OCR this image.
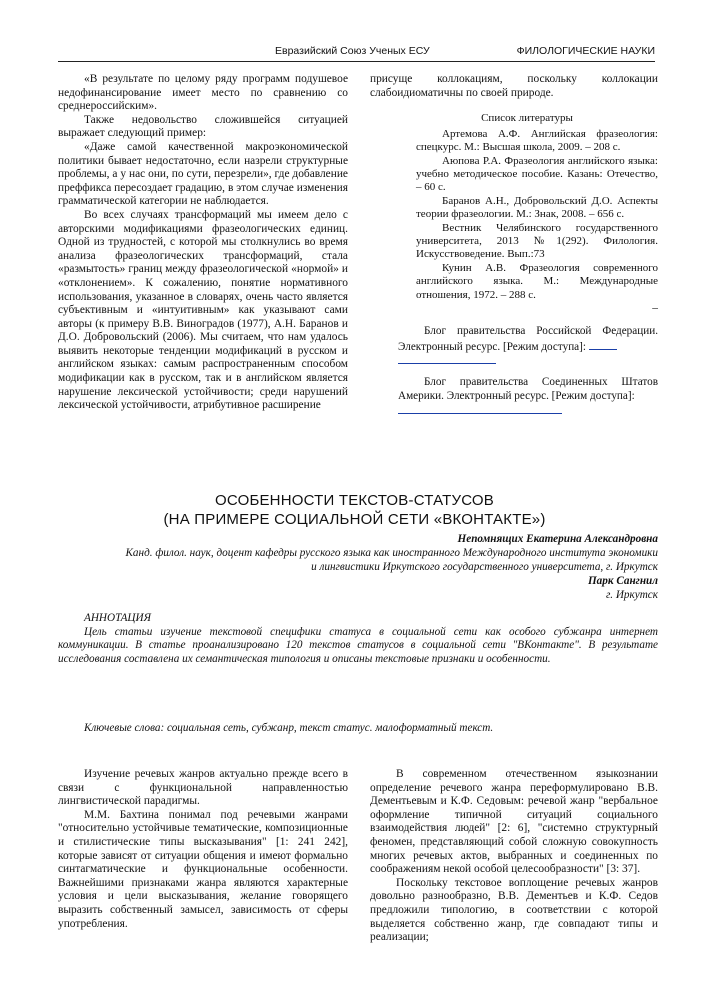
Евразийский Союз Ученых ЕСУ	ФИЛОЛОГИЧЕСКИЕ НАУКИ

«В результате по целому ряду программ подушевое недофинансирование имеет место по сравнению со среднероссийским».

Также недовольство сложившейся ситуацией выражает следующий пример:

«Даже самой качественной макроэкономической политики бывает недостаточно, если назрели структурные проблемы, а у нас они, по сути, перезрели», где добавление преффикса пересоздает градацию, в этом случае изменения грамматической категории не наблюдается.

Во всех случаях трансформаций мы имеем дело с авторскими модификациями фразеологических единиц. Одной из трудностей, с которой мы столкнулись во время анализа фразеологических трансформаций, стала «размытость» границ между фразеологической «нормой» и «отклонением». К сожалению, понятие нормативного использования, указанное в словарях, очень часто является субъективным и «интуитивным» как указывают сами авторы (к примеру В.В. Виноградов (1977), А.Н. Баранов и Д.О. Добровольский (2006). Мы считаем, что нам удалось выявить некоторые тенденции модификаций в русском и английском языках: самым распространенным способом модификации как в русском, так и в английском является нарушение лексической устойчивости; среди нарушений лексической устойчивости, атрибутивное расширение

присуще коллокациям, поскольку коллокации слабоидиоматичны по своей природе.

Список литературы

Артемова А.Ф. Английская фразеология: спецкурс. М.: Высшая школа, 2009. – 208 с.

Аюпова Р.А. Фразеология английского языка: учебно методическое пособие. Казань: Отечество, – 60 с.

Баранов А.Н., Добровольский Д.О. Аспекты теории фразеологии. М.: Знак, 2008. – 656 с.

Вестник Челябинского государственного университета, 2013 №1(292). Филология. Искусствоведение. Вып.:73

Кунин А.В. Фразеология современного английского языка. М.: Международные отношения, 1972. – 288 с.

–

Блог правительства Российской Федерации. Электронный ресурс. [Режим доступа]:

Блог правительства Соединенных Штатов Америки. Электронный ресурс. [Режим доступа]:

ОСОБЕННОСТИ ТЕКСТОВ-СТАТУСОВ
(НА ПРИМЕРЕ СОЦИАЛЬНОЙ СЕТИ «ВКОНТАКТЕ»)
Непомнящих Екатерина Александровна
Канд. филол. наук, доцент кафедры русского языка как иностранного Международного института экономики
и лингвистики Иркутского государственного университета, г. Иркутск
Парк Сангнил
г. Иркутск
АННОТАЦИЯ
Цель статьи изучение текстовой специфики статуса в социальной сети как особого субжанра интернет коммуникации. В статье проанализировано 120 текстов статусов в социальной сети "ВКонтакте". В результате исследования составлена их семантическая типология и описаны текстовые признаки и особенности.
Ключевые слова: социальная сеть, субжанр, текст статус. малоформатный текст.

Изучение речевых жанров актуально прежде всего в связи с функциональной направленностью лингвистической парадигмы.

М.М. Бахтина понимал под речевыми жанрами "относительно устойчивые тематические, композиционные и стилистические типы высказывания" [1: 241 242], которые зависят от ситуации общения и имеют формально синтагматические и функциональные особенности. Важнейшими признаками жанра являются характерные условия и цели высказывания, желание говорящего выразить собственный замысел, зависимость от сферы употребления.

В современном отечественном языкознании определение речевого жанра переформулировано В.В. Дементьевым и К.Ф. Седовым: речевой жанр "вербальное оформление типичной ситуаций социального взаимодействия людей" [2: 6], "системно структурный феномен, представляющий собой сложную совокупность многих речевых актов, выбранных и соединенных по соображениям некой особой целесообразности" [3: 37].

Поскольку текстовое воплощение речевых жанров довольно разнообразно, В.В. Дементьев и К.Ф. Седов предложили типологию, в соответствии с которой выделяется собственно жанр, где совпадают типы и реализации;
